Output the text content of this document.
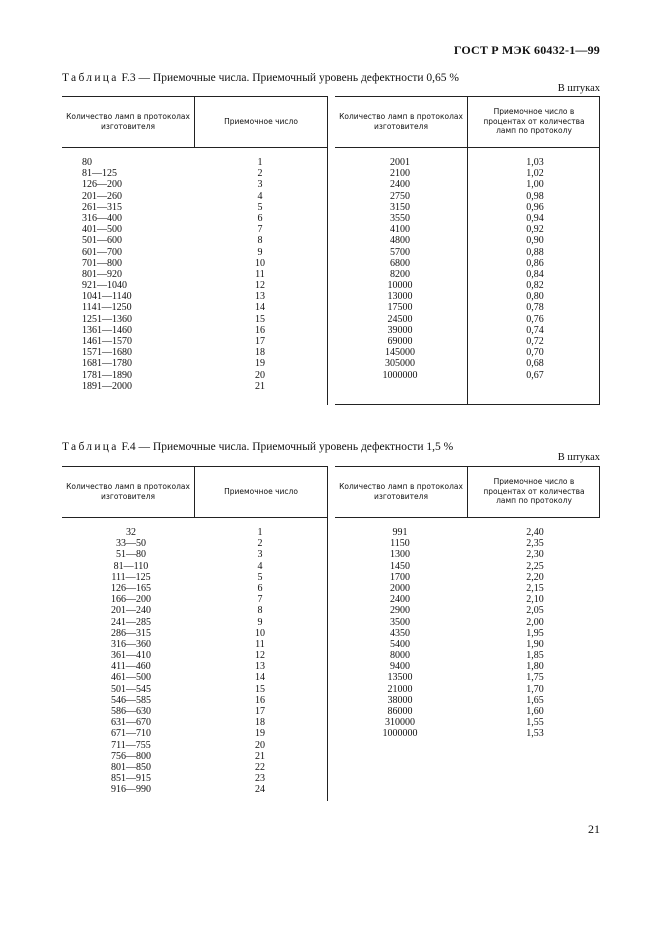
ГОСТ Р МЭК 60432-1—99
Таблица F.3 — Приемочные числа. Приемочный уровень дефектности 0,65 %
В штуках
Количество ламп в протоколах изготовителя
Приемочное число
80
81—125
126—200
201—260
261—315
316—400
401—500
501—600
601—700
701—800
801—920
921—1040
1041—1140
1141—1250
1251—1360
1361—1460
1461—1570
1571—1680
1681—1780
1781—1890
1891—2000
1
2
3
4
5
6
7
8
9
10
11
12
13
14
15
16
17
18
19
20
21
Количество ламп в протоколах изготовителя
Приемочное число в процентах от количества ламп по протоколу
2001
2100
2400
2750
3150
3550
4100
4800
5700
6800
8200
10000
13000
17500
24500
39000
69000
145000
305000
1000000
1,03
1,02
1,00
0,98
0,96
0,94
0,92
0,90
0,88
0,86
0,84
0,82
0,80
0,78
0,76
0,74
0,72
0,70
0,68
0,67
Таблица F.4 — Приемочные числа. Приемочный уровень дефектности 1,5 %
В штуках
Количество ламп в протоколах изготовителя
Приемочное число
32
33—50
51—80
81—110
111—125
126—165
166—200
201—240
241—285
286—315
316—360
361—410
411—460
461—500
501—545
546—585
586—630
631—670
671—710
711—755
756—800
801—850
851—915
916—990
1
2
3
4
5
6
7
8
9
10
11
12
13
14
15
16
17
18
19
20
21
22
23
24
Количество ламп в протоколах изготовителя
Приемочное число в процентах от количества ламп по протоколу
991
1150
1300
1450
1700
2000
2400
2900
3500
4350
5400
8000
9400
13500
21000
38000
86000
310000
1000000
2,40
2,35
2,30
2,25
2,20
2,15
2,10
2,05
2,00
1,95
1,90
1,85
1,80
1,75
1,70
1,65
1,60
1,55
1,53
21
